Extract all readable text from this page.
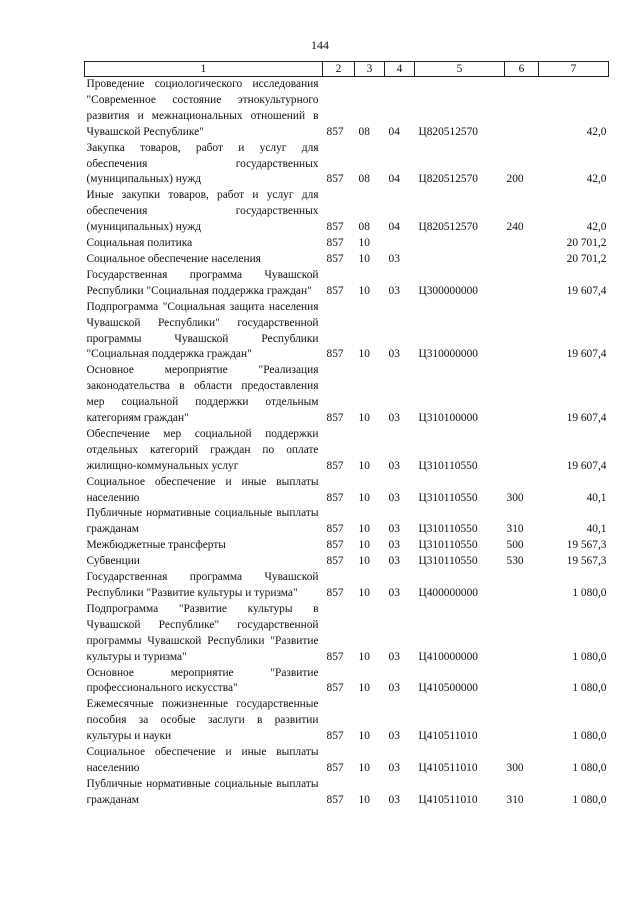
144
1	2	3	4	5	6	7
Проведение социологического исследования "Современное состояние этнокультурного развития и межнациональных отношений в Чувашской Республике"	857	08	04	Ц820512570		42,0
Закупка товаров, работ и услуг для обеспечения государственных (муниципальных) нужд	857	08	04	Ц820512570	200	42,0
Иные закупки товаров, работ и услуг для обеспечения государственных (муниципальных) нужд	857	08	04	Ц820512570	240	42,0
Социальная политика	857	10				20 701,2
Социальное обеспечение населения	857	10	03			20 701,2
Государственная программа Чувашской Республики "Социальная поддержка граждан"	857	10	03	Ц300000000		19 607,4
Подпрограмма "Социальная защита населения Чувашской Республики" государственной программы Чувашской Республики "Социальная поддержка граждан"	857	10	03	Ц310000000		19 607,4
Основное мероприятие "Реализация законодательства в области предоставления мер социальной поддержки отдельным категориям граждан"	857	10	03	Ц310100000		19 607,4
Обеспечение мер социальной поддержки отдельных категорий граждан по оплате жилищно-коммунальных услуг	857	10	03	Ц310110550		19 607,4
Социальное обеспечение и иные выплаты населению	857	10	03	Ц310110550	300	40,1
Публичные нормативные социальные выплаты гражданам	857	10	03	Ц310110550	310	40,1
Межбюджетные трансферты	857	10	03	Ц310110550	500	19 567,3
Субвенции	857	10	03	Ц310110550	530	19 567,3
Государственная программа Чувашской Республики "Развитие культуры и туризма"	857	10	03	Ц400000000		1 080,0
Подпрограмма "Развитие культуры в Чувашской Республике" государственной программы Чувашской Республики "Развитие культуры и туризма"	857	10	03	Ц410000000		1 080,0
Основное мероприятие "Развитие профессионального искусства"	857	10	03	Ц410500000		1 080,0
Ежемесячные пожизненные государственные пособия за особые заслуги в развитии культуры и науки	857	10	03	Ц410511010		1 080,0
Социальное обеспечение и иные выплаты населению	857	10	03	Ц410511010	300	1 080,0
Публичные нормативные социальные выплаты гражданам	857	10	03	Ц410511010	310	1 080,0
